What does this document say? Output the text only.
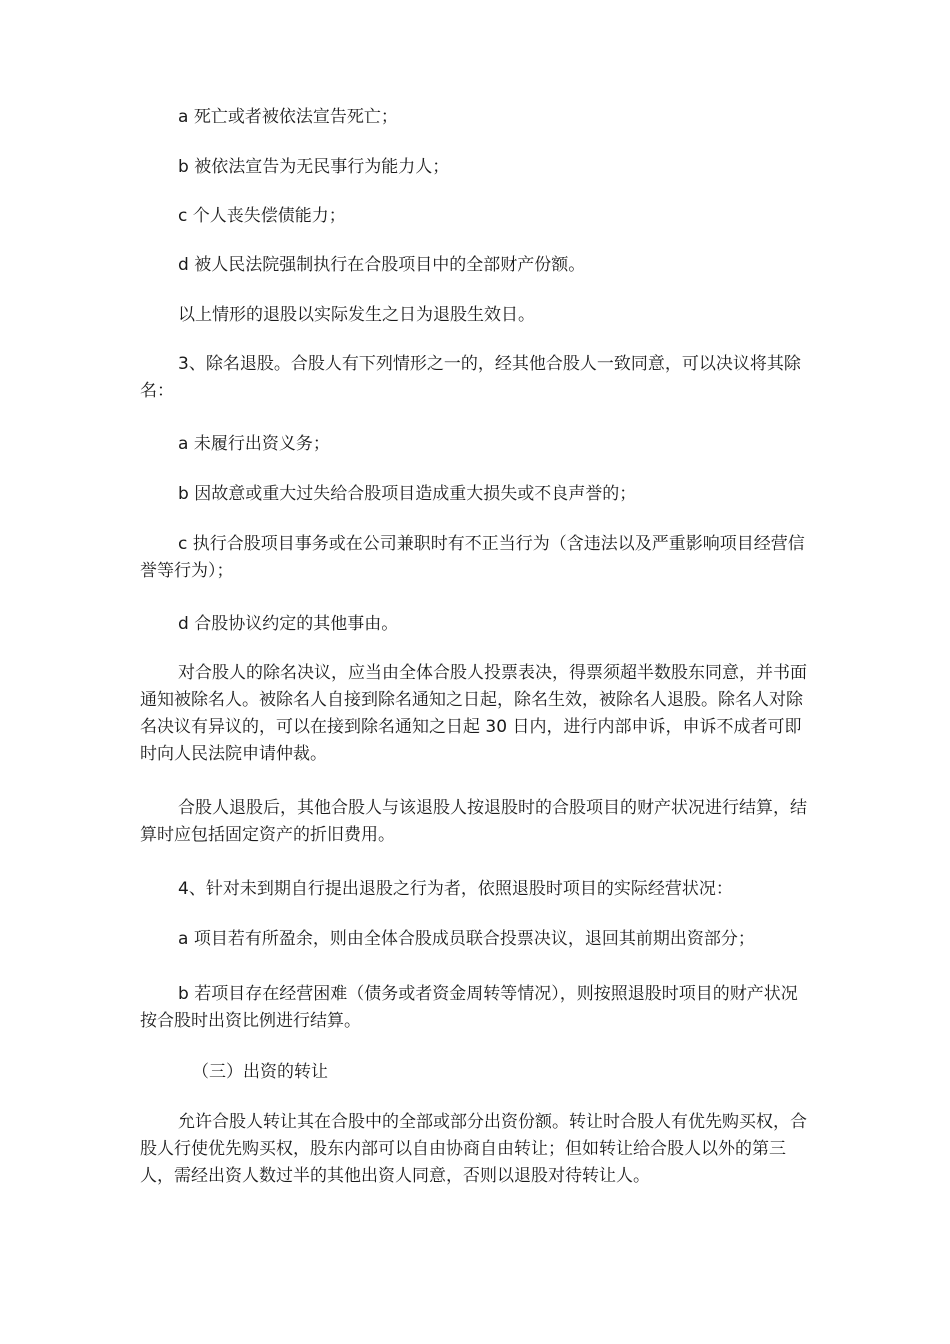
a 死亡或者被依法宣告死亡；

b 被依法宣告为无民事行为能力人；

c 个人丧失偿债能力；

d 被人民法院强制执行在合股项目中的全部财产份额。

以上情形的退股以实际发生之日为退股生效日。

3、除名退股。合股人有下列情形之一的，经其他合股人一致同意，可以决议将其除名：

a 未履行出资义务；

b 因故意或重大过失给合股项目造成重大损失或不良声誉的；

c 执行合股项目事务或在公司兼职时有不正当行为（含违法以及严重影响项目经营信誉等行为）；

d 合股协议约定的其他事由。

对合股人的除名决议，应当由全体合股人投票表决，得票须超半数股东同意，并书面通知被除名人。被除名人自接到除名通知之日起，除名生效，被除名人退股。除名人对除名决议有异议的，可以在接到除名通知之日起 30 日内，进行内部申诉，申诉不成者可即时向人民法院申请仲裁。

合股人退股后，其他合股人与该退股人按退股时的合股项目的财产状况进行结算，结算时应包括固定资产的折旧费用。

4、针对未到期自行提出退股之行为者，依照退股时项目的实际经营状况：

a 项目若有所盈余，则由全体合股成员联合投票决议，退回其前期出资部分；

b 若项目存在经营困难（债务或者资金周转等情况），则按照退股时项目的财产状况按合股时出资比例进行结算。

（三）出资的转让

允许合股人转让其在合股中的全部或部分出资份额。转让时合股人有优先购买权，合股人行使优先购买权，股东内部可以自由协商自由转让；但如转让给合股人以外的第三人，需经出资人数过半的其他出资人同意，否则以退股对待转让人。
